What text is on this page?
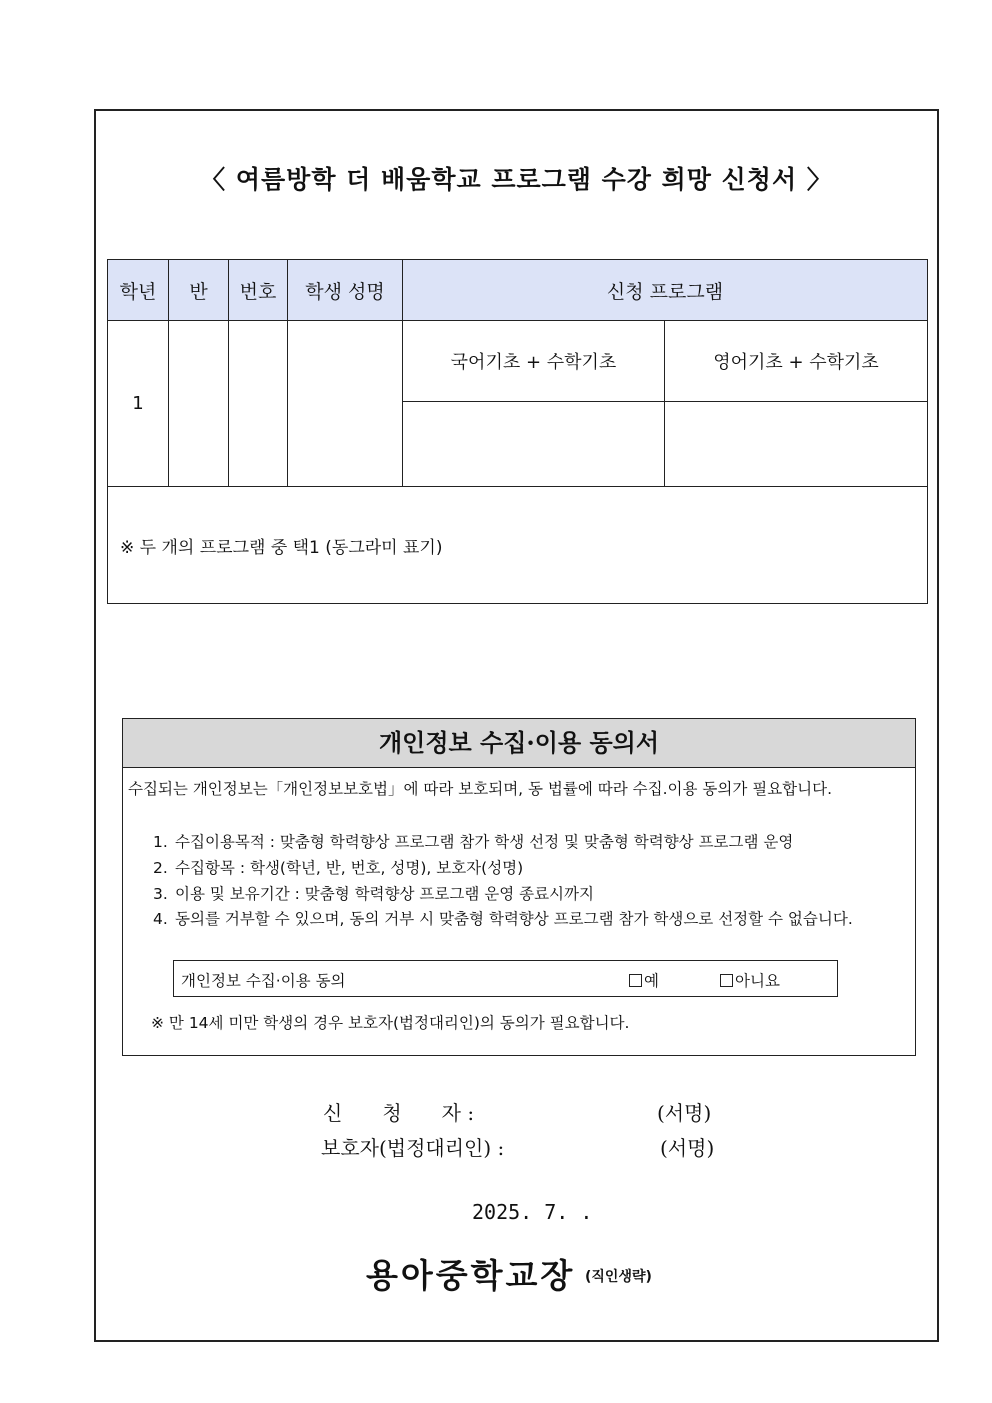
〈 여름방학 더 배움학교 프로그램 수강 희망 신청서 〉
학년	반	번호	학생 성명	신청 프로그램	
1				국어기초 + 수학기초	영어기초 + 수학기초

※ 두 개의 프로그램 중 택1 (동그라미 표기)					
개인정보 수집·이용 동의서
수집되는 개인정보는「개인정보보호법」에 따라 보호되며, 동 법률에 따라 수집.이용 동의가 필요합니다.
1. 수집이용목적 : 맞춤형 학력향상 프로그램 참가 학생 선정 및 맞춤형 학력향상 프로그램 운영
2. 수집항목 : 학생(학년, 반, 번호, 성명), 보호자(성명)
3. 이용 및 보유기간 : 맞춤형 학력향상 프로그램 운영 종료시까지
4. 동의를 거부할 수 있으며, 동의 거부 시 맞춤형 학력향상 프로그램 참가 학생으로 선정할 수 없습니다.
개인정보 수집·이용 동의	예	아니요
※ 만 14세 미만 학생의 경우 보호자(법정대리인)의 동의가 필요합니다.
신　　청　　자 :	(서명)
보호자(법정대리인) :	(서명)
2025. 7. .
용아중학교장 (직인생략)
